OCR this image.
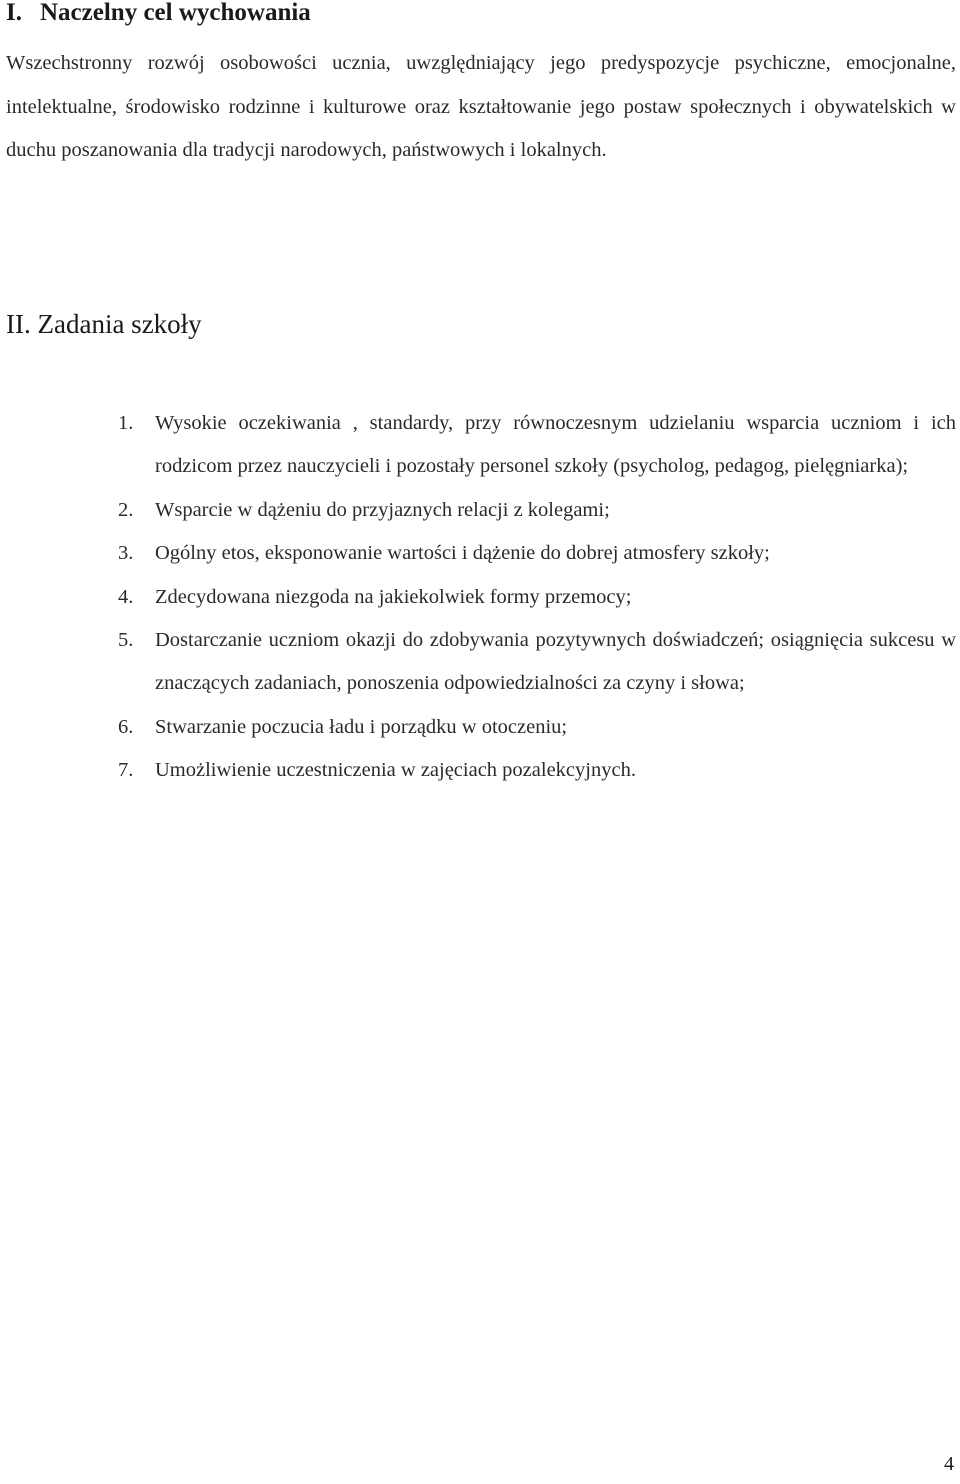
I. Naczelny cel wychowania

Wszechstronny rozwój osobowości ucznia, uwzględniający jego predyspozycje psychiczne, emocjonalne, intelektualne, środowisko rodzinne i kulturowe oraz kształtowanie jego postaw społecznych i obywatelskich w duchu poszanowania dla tradycji narodowych, państwowych i lokalnych.

II. Zadania szkoły
1. Wysokie oczekiwania , standardy, przy równoczesnym udzielaniu wsparcia uczniom i ich rodzicom przez nauczycieli i pozostały personel szkoły (psycholog, pedagog, pielęgniarka);
2. Wsparcie w dążeniu do przyjaznych relacji z kolegami;
3. Ogólny etos, eksponowanie wartości i dążenie do dobrej atmosfery szkoły;
4. Zdecydowana niezgoda na jakiekolwiek formy przemocy;
5. Dostarczanie uczniom okazji do zdobywania pozytywnych doświadczeń; osiągnięcia sukcesu w znaczących zadaniach, ponoszenia odpowiedzialności za czyny i słowa;
6. Stwarzanie poczucia ładu i porządku w otoczeniu;
7. Umożliwienie uczestniczenia w zajęciach pozalekcyjnych.
4
